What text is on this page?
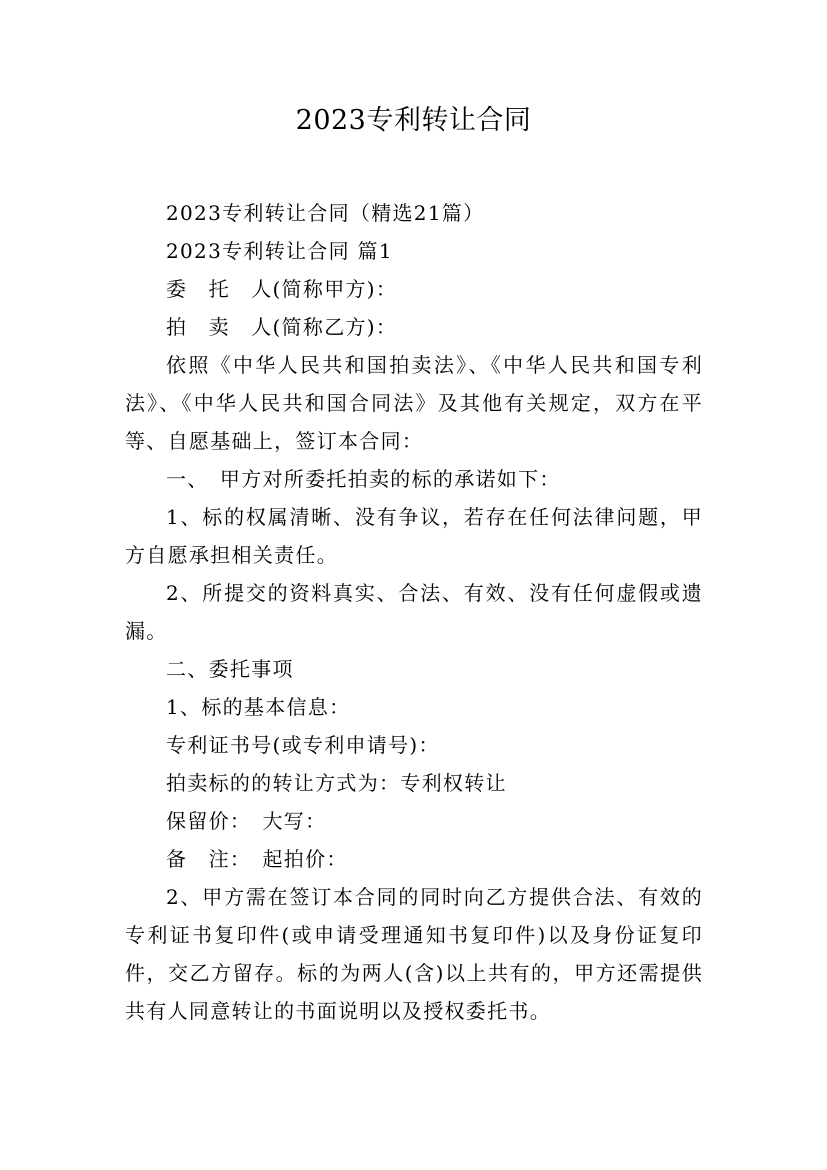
2023专利转让合同

2023专利转让合同（精选21篇）

2023专利转让合同 篇1

委　托　人(简称甲方)：

拍　卖　人(简称乙方)：

依照《中华人民共和国拍卖法》、《中华人民共和国专利法》、《中华人民共和国合同法》及其他有关规定，双方在平等、自愿基础上，签订本合同：

一、　甲方对所委托拍卖的标的承诺如下：

1、标的权属清晰、没有争议，若存在任何法律问题，甲方自愿承担相关责任。

2、所提交的资料真实、合法、有效、没有任何虚假或遗漏。

二、委托事项

1、标的基本信息：

专利证书号(或专利申请号)：

拍卖标的的转让方式为：专利权转让

保留价：　大写：

备　注：　起拍价：

2、甲方需在签订本合同的同时向乙方提供合法、有效的专利证书复印件(或申请受理通知书复印件)以及身份证复印件，交乙方留存。标的为两人(含)以上共有的，甲方还需提供共有人同意转让的书面说明以及授权委托书。
